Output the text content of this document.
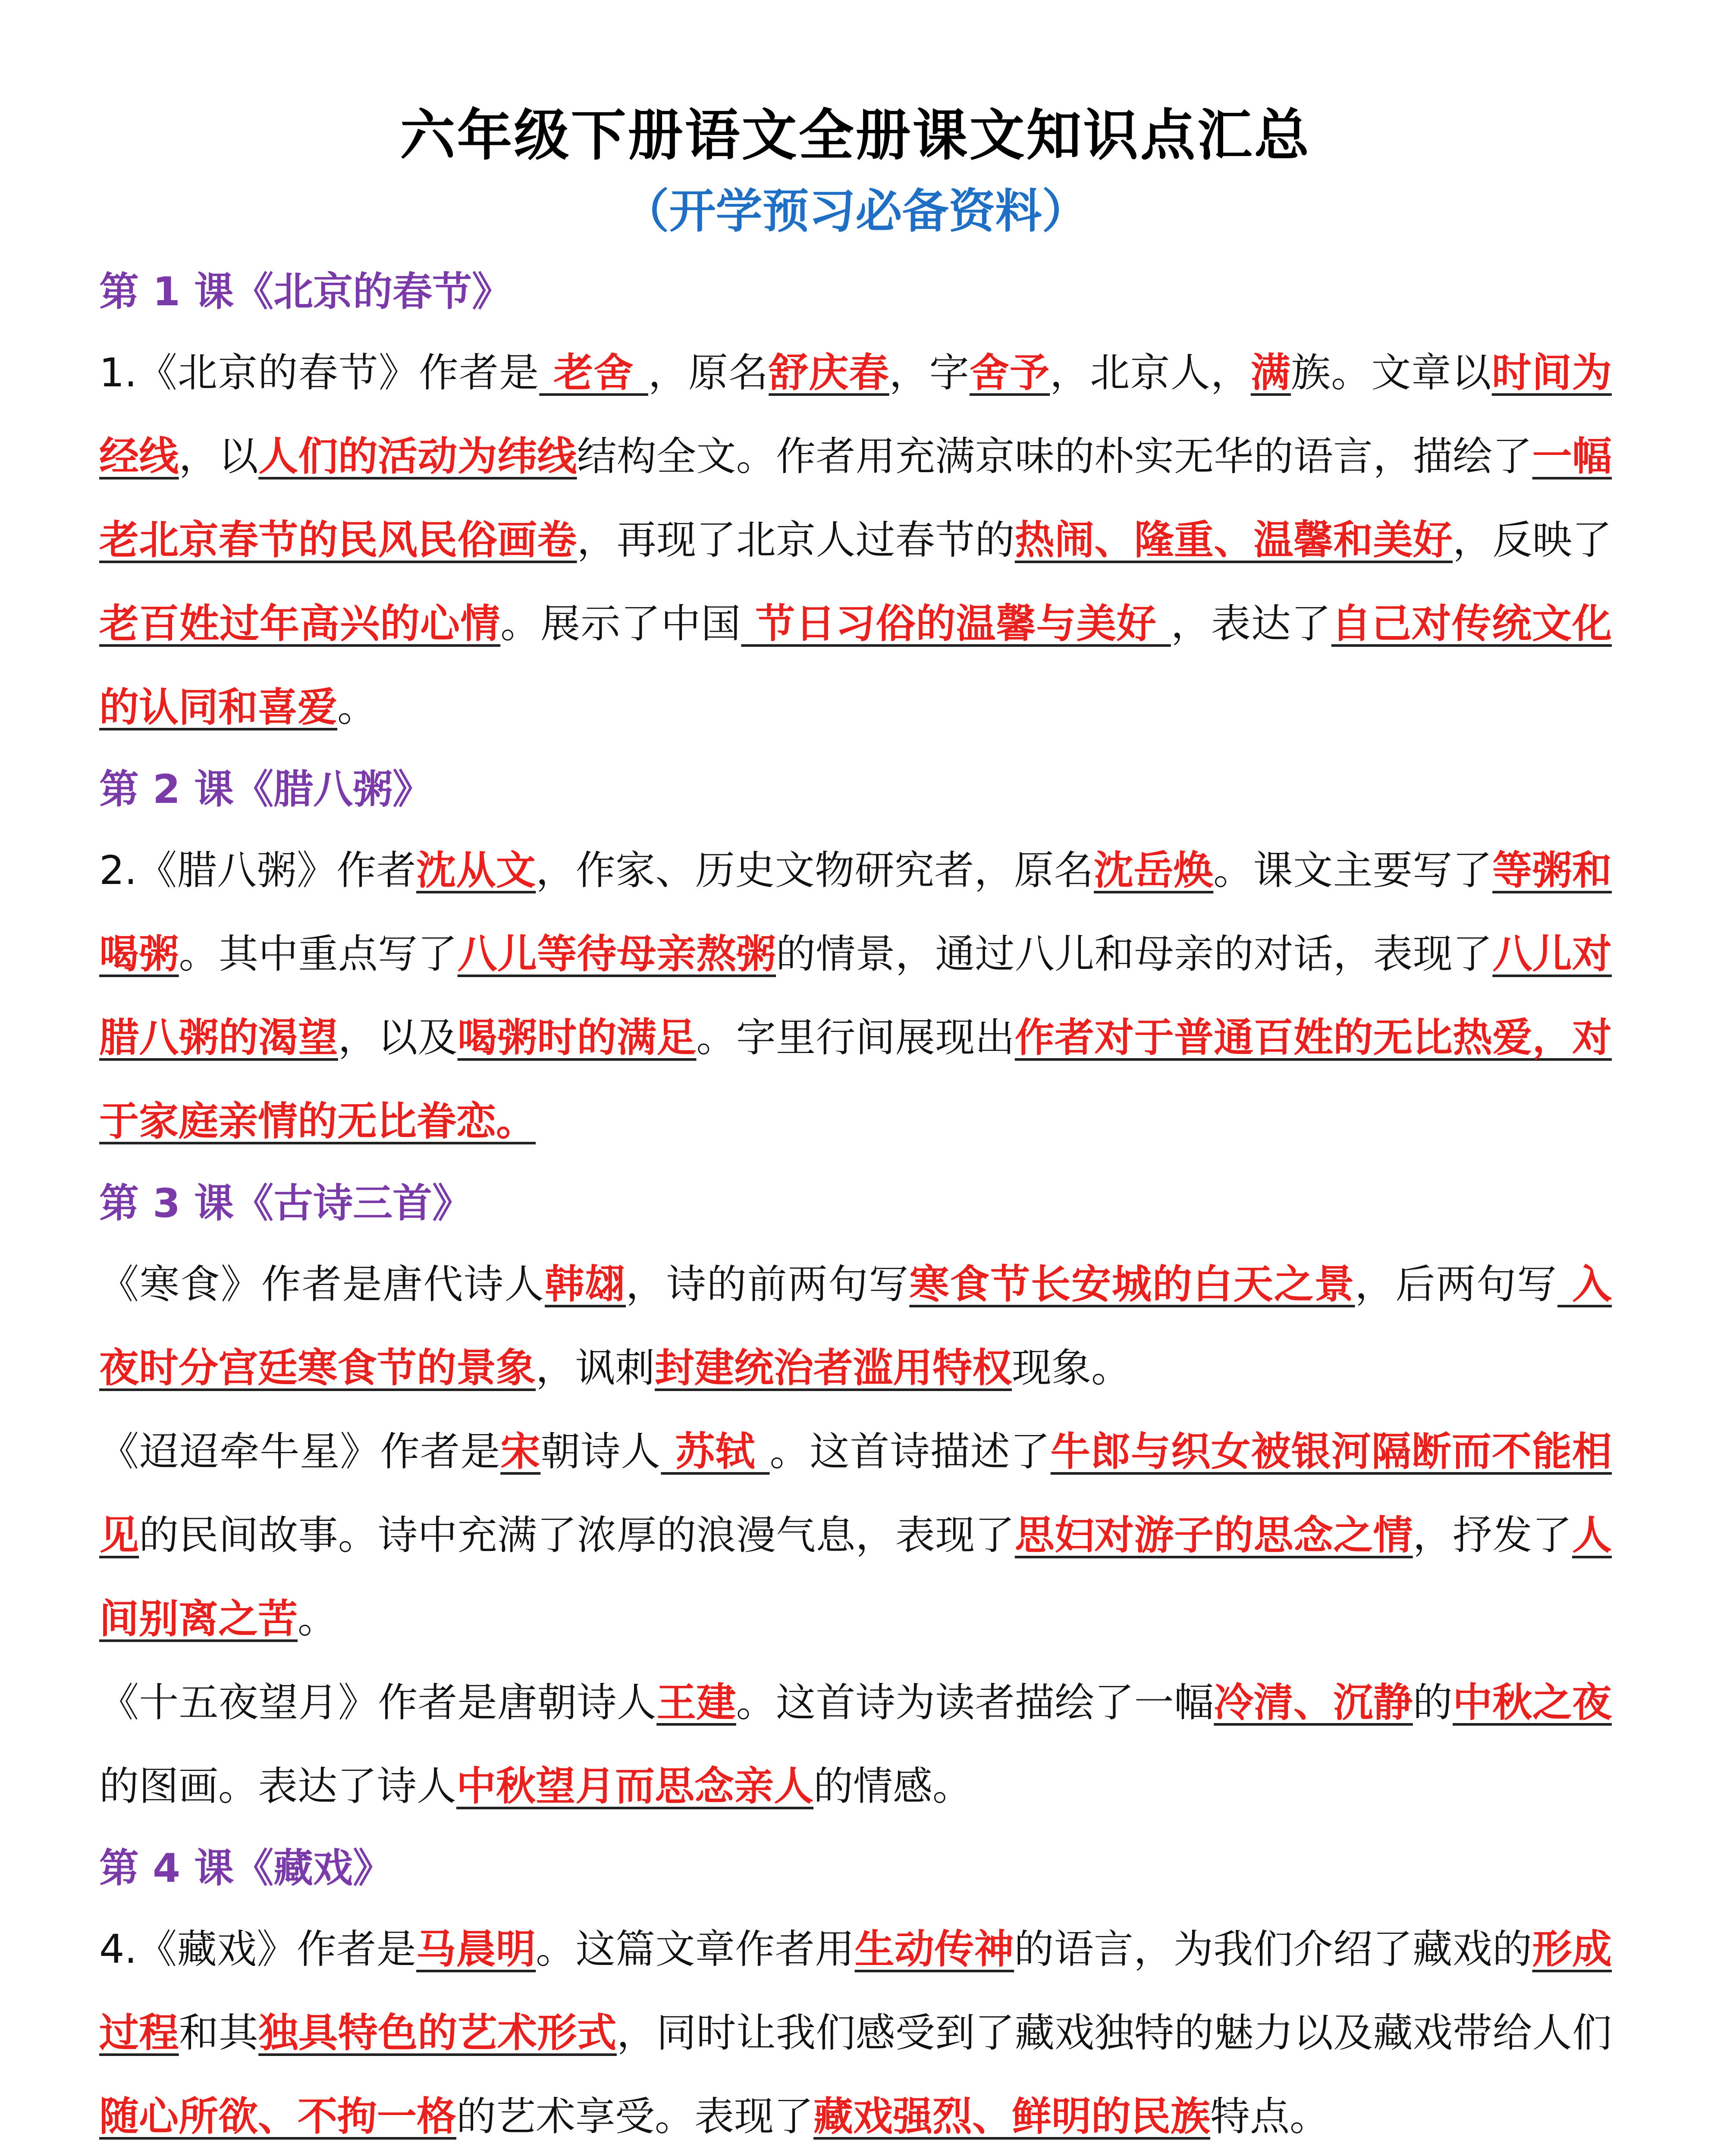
六年级下册语文全册课文知识点汇总
（开学预习必备资料）
第 1 课《北京的春节》

1.《北京的春节》作者是 老舍 ，原名舒庆春，字舍予，北京人，满族。文章以时间为经线，以人们的活动为纬线结构全文。作者用充满京味的朴实无华的语言，描绘了一幅老北京春节的民风民俗画卷，再现了北京人过春节的热闹、隆重、温馨和美好，反映了老百姓过年高兴的心情。展示了中国 节日习俗的温馨与美好 ，表达了自己对传统文化的认同和喜爱。

第 2 课《腊八粥》

2.《腊八粥》作者沈从文，作家、历史文物研究者，原名沈岳焕。课文主要写了等粥和喝粥。其中重点写了八儿等待母亲熬粥的情景，通过八儿和母亲的对话，表现了八儿对腊八粥的渴望，以及喝粥时的满足。字里行间展现出作者对于普通百姓的无比热爱，对于家庭亲情的无比眷恋。

第 3 课《古诗三首》

《寒食》作者是唐代诗人韩翃，诗的前两句写寒食节长安城的白天之景，后两句写 入夜时分宫廷寒食节的景象，讽刺封建统治者滥用特权现象。

《迢迢牵牛星》作者是宋朝诗人 苏轼 。这首诗描述了牛郎与织女被银河隔断而不能相见的民间故事。诗中充满了浓厚的浪漫气息，表现了思妇对游子的思念之情，抒发了人间别离之苦。

《十五夜望月》作者是唐朝诗人王建。这首诗为读者描绘了一幅冷清、沉静的中秋之夜的图画。表达了诗人中秋望月而思念亲人的情感。

第 4 课《藏戏》

4.《藏戏》作者是马晨明。这篇文章作者用生动传神的语言，为我们介绍了藏戏的形成过程和其独具特色的艺术形式，同时让我们感受到了藏戏独特的魅力以及藏戏带给人们随心所欲、不拘一格的艺术享受。表现了藏戏强烈、鲜明的民族特点。
